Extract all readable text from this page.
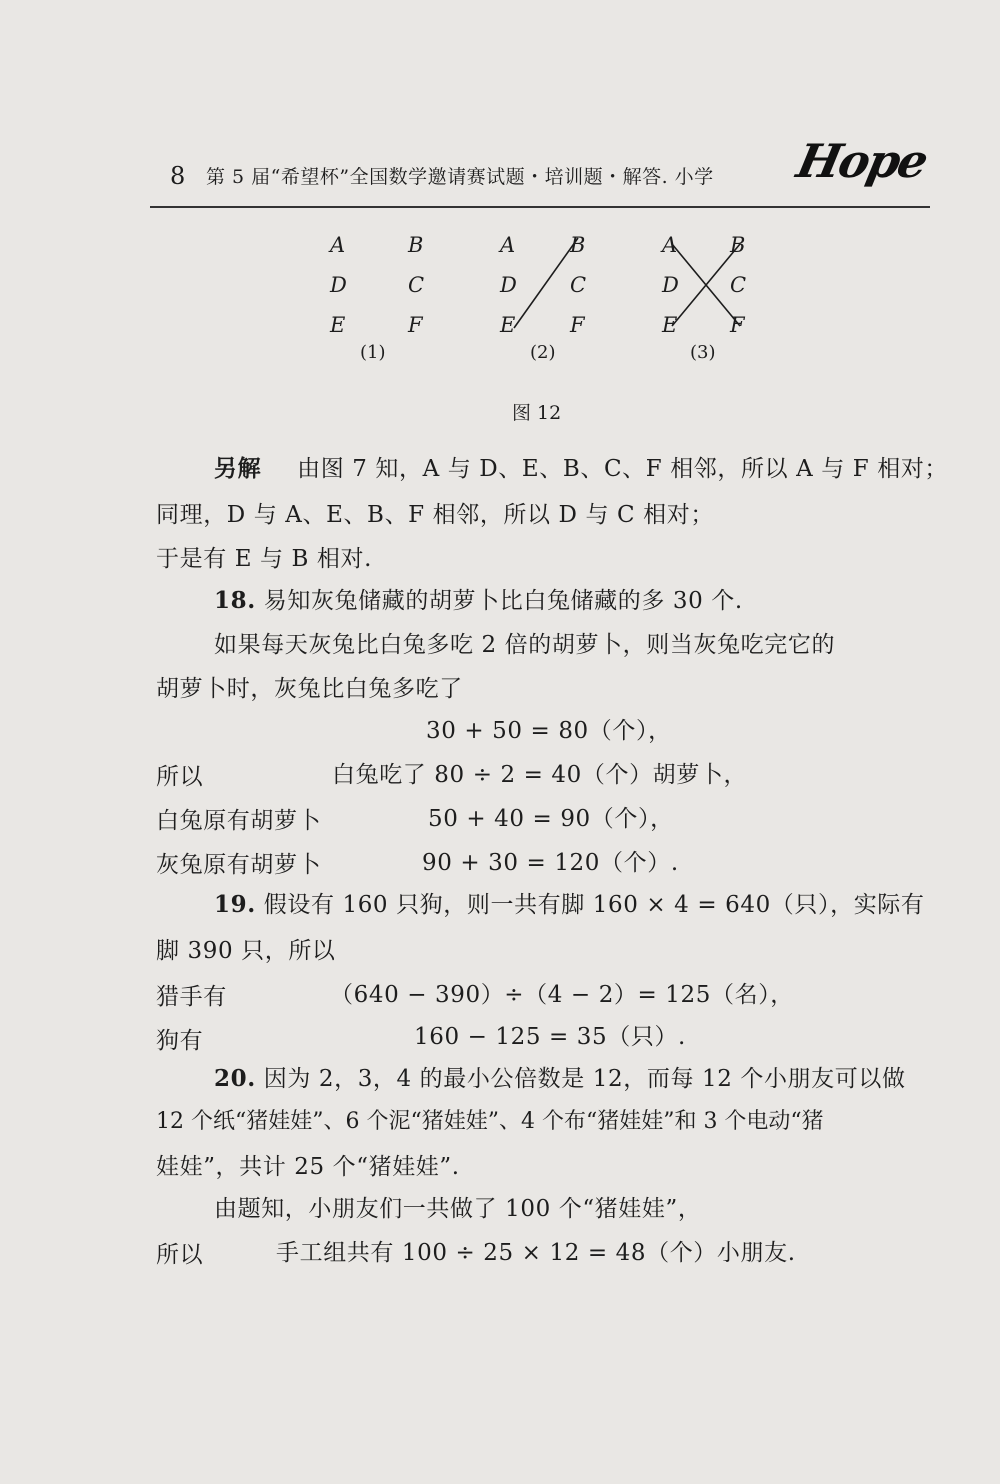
8 第 5 届“希望杯”全国数学邀请赛试题・培训题・解答. 小学 Hope
A	B
D	C
E	F
A	B
D	C
E	F
A	B
D C
E	F
(1)	(2)	(3)
图 12
另解 由图 7 知，A 与 D、E、B、C、F 相邻，所以 A 与 F 相对；
同理，D 与 A、E、B、F 相邻，所以 D 与 C 相对；
于是有 E 与 B 相对.
18. 易知灰兔储藏的胡萝卜比白兔储藏的多 30 个.
如果每天灰兔比白兔多吃 2 倍的胡萝卜，则当灰兔吃完它的
胡萝卜时，灰兔比白兔多吃了
30 + 50 = 80（个），
所以	白兔吃了 80 ÷ 2 = 40（个）胡萝卜，
白兔原有胡萝卜	50 + 40 = 90（个），
灰兔原有胡萝卜	90 + 30 = 120（个）.
19. 假设有 160 只狗，则一共有脚 160 × 4 = 640（只），实际有
脚 390 只，所以
猎手有	（640 − 390）÷（4 − 2）= 125（名），
狗有	160 − 125 = 35（只）.
20. 因为 2，3，4 的最小公倍数是 12，而每 12 个小朋友可以做
12 个纸“猪娃娃”、6 个泥“猪娃娃”、4 个布“猪娃娃”和 3 个电动“猪
娃娃”，共计 25 个“猪娃娃”.
由题知，小朋友们一共做了 100 个“猪娃娃”，
所以	手工组共有 100 ÷ 25 × 12 = 48（个）小朋友.
